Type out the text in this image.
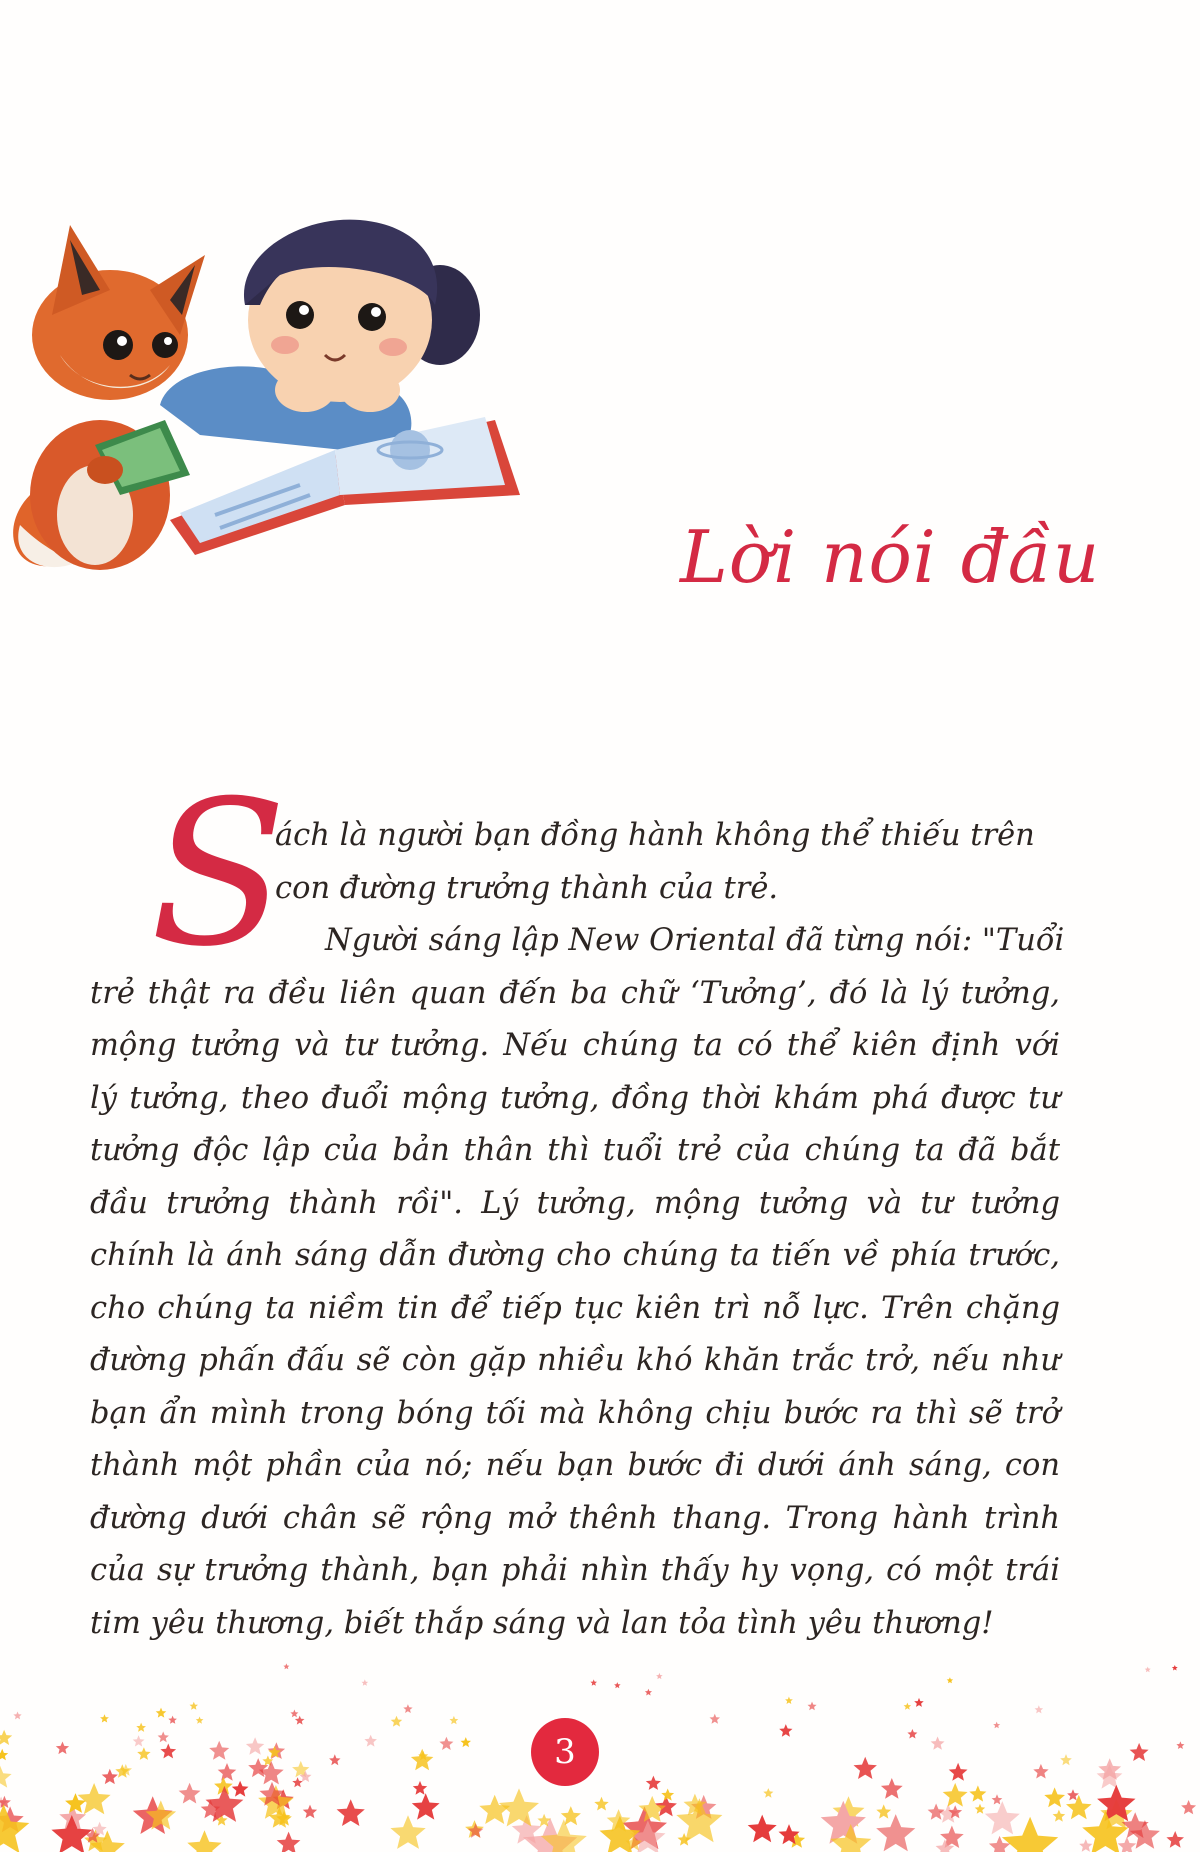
Lời nói đầu
S
ách là người bạn đồng hành không thể thiếu trên
con đường trưởng thành của trẻ.
Người sáng lập New Oriental đã từng nói: "Tuổi
trẻ thật ra đều liên quan đến ba chữ ‘Tưởng’, đó là lý tưởng,
mộng tưởng và tư tưởng. Nếu chúng ta có thể kiên định với
lý tưởng, theo đuổi mộng tưởng, đồng thời khám phá được tư
tưởng độc lập của bản thân thì tuổi trẻ của chúng ta đã bắt
đầu trưởng thành rồi". Lý tưởng, mộng tưởng và tư tưởng
chính là ánh sáng dẫn đường cho chúng ta tiến về phía trước,
cho chúng ta niềm tin để tiếp tục kiên trì nỗ lực. Trên chặng
đường phấn đấu sẽ còn gặp nhiều khó khăn trắc trở, nếu như
bạn ẩn mình trong bóng tối mà không chịu bước ra thì sẽ trở
thành một phần của nó; nếu bạn bước đi dưới ánh sáng, con
đường dưới chân sẽ rộng mở thênh thang. Trong hành trình
của sự trưởng thành, bạn phải nhìn thấy hy vọng, có một trái
tim yêu thương, biết thắp sáng và lan tỏa tình yêu thương!
3
